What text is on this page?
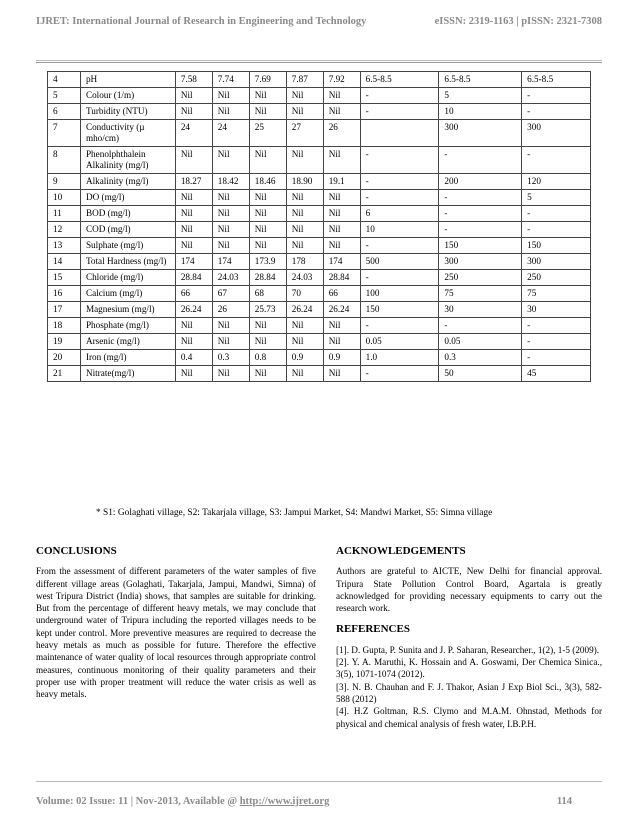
IJRET: International Journal of Research in Engineering and Technology	eISSN: 2319-1163 | pISSN: 2321-7308
4	pH	7.58	7.74	7.69	7.87	7.92	6.5-8.5	6.5-8.5	6.5-8.5
5	Colour (1/m)	Nil	Nil	Nil	Nil	Nil	-	5	-
6	Turbidity (NTU)	Nil	Nil	Nil	Nil	Nil	-	10	-
7	Conductivity (µ mho/cm)	24	24	25	27	26		300	300
8	Phenolphthalein Alkalinity (mg/l)	Nil	Nil	Nil	Nil	Nil	-	-	-
9	Alkalinity (mg/l)	18.27	18.42	18.46	18.90	19.1	-	200	120
10	DO (mg/l)	Nil	Nil	Nil	Nil	Nil	-	-	5
11	BOD (mg/l)	Nil	Nil	Nil	Nil	Nil	6	-	-
12	COD (mg/l)	Nil	Nil	Nil	Nil	Nil	10	-	-
13	Sulphate (mg/l)	Nil	Nil	Nil	Nil	Nil	-	150	150
14	Total Hardness (mg/l)	174	174	173.9	178	174	500	300	300
15	Chloride (mg/l)	28.84	24.03	28.84	24.03	28.84	-	250	250
16	Calcium (mg/l)	66	67	68	70	66	100	75	75
17	Magnesium (mg/l)	26.24	26	25.73	26.24	26.24	150	30	30
18	Phosphate (mg/l)	Nil	Nil	Nil	Nil	Nil	-	-	-
19	Arsenic (mg/l)	Nil	Nil	Nil	Nil	Nil	0.05	0.05	-
20	Iron (mg/l)	0.4	0.3	0.8	0.9	0.9	1.0	0.3	-
21	Nitrate(mg/l)	Nil	Nil	Nil	Nil	Nil	-	50	45
* S1: Golaghati village, S2: Takarjala village, S3: Jampui Market, S4: Mandwi Market, S5: Simna village
CONCLUSIONS

From the assessment of different parameters of the water samples of five different village areas (Golaghati, Takarjala, Jampui, Mandwi, Simna) of west Tripura District (India) shows, that samples are suitable for drinking. But from the percentage of different heavy metals, we may conclude that underground water of Tripura including the reported villages needs to be kept under control. More preventive measures are required to decrease the heavy metals as much as possible for future. Therefore the effective maintenance of water quality of local resources through appropriate control measures, continuous monitoring of their quality parameters and their proper use with proper treatment will reduce the water crisis as well as heavy metals.

ACKNOWLEDGEMENTS

Authors are grateful to AICTE, New Delhi for financial approval. Tripura State Pollution Control Board, Agartala is greatly acknowledged for providing necessary equipments to carry out the research work.

REFERENCES

[1]. D. Gupta, P. Sunita and J. P. Saharan, Researcher., 1(2), 1-5 (2009).

[2]. Y. A. Maruthi, K. Hossain and A. Goswami, Der Chemica Sinica., 3(5), 1071-1074 (2012).

[3]. N. B. Chauhan and F. J. Thakor, Asian J Exp Biol Sci., 3(3), 582-588 (2012)

[4]. H.Z Goltman, R.S. Clymo and M.A.M. Ohnstad, Methods for physical and chemical analysis of fresh water, I.B.P.H.

Volume: 02 Issue: 11 | Nov-2013, Available @ http://www.ijret.org	114
